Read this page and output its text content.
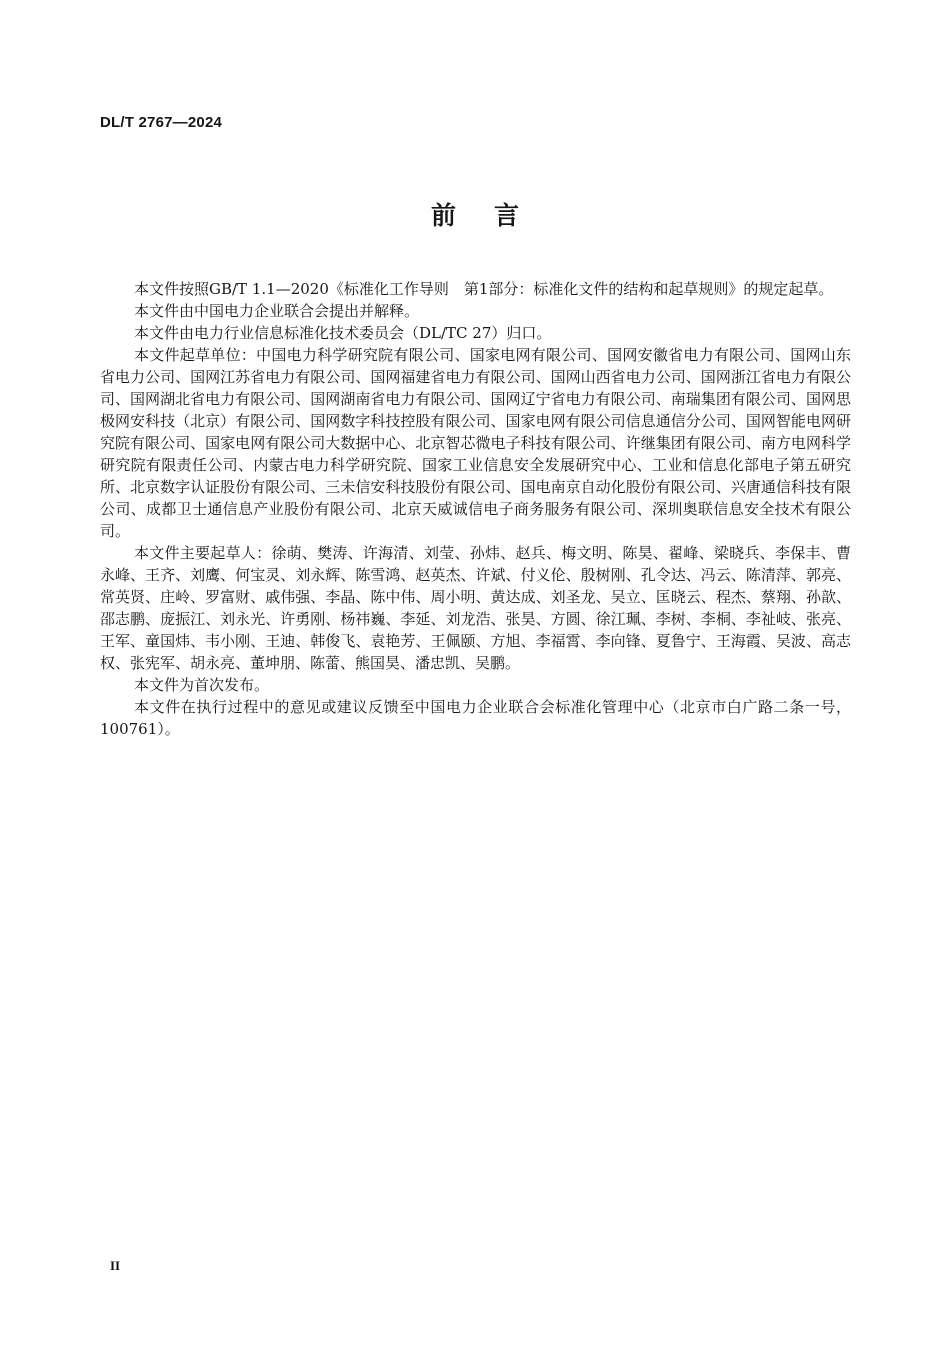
DL/T 2767—2024
前言

本文件按照GB/T 1.1—2020《标准化工作导则　第1部分：标准化文件的结构和起草规则》的规定起草。

本文件由中国电力企业联合会提出并解释。

本文件由电力行业信息标准化技术委员会（DL/TC 27）归口。

本文件起草单位：中国电力科学研究院有限公司、国家电网有限公司、国网安徽省电力有限公司、国网山东省电力公司、国网江苏省电力有限公司、国网福建省电力有限公司、国网山西省电力公司、国网浙江省电力有限公司、国网湖北省电力有限公司、国网湖南省电力有限公司、国网辽宁省电力有限公司、南瑞集团有限公司、国网思极网安科技（北京）有限公司、国网数字科技控股有限公司、国家电网有限公司信息通信分公司、国网智能电网研究院有限公司、国家电网有限公司大数据中心、北京智芯微电子科技有限公司、许继集团有限公司、南方电网科学研究院有限责任公司、内蒙古电力科学研究院、国家工业信息安全发展研究中心、工业和信息化部电子第五研究所、北京数字认证股份有限公司、三未信安科技股份有限公司、国电南京自动化股份有限公司、兴唐通信科技有限公司、成都卫士通信息产业股份有限公司、北京天威诚信电子商务服务有限公司、深圳奥联信息安全技术有限公司。

本文件主要起草人：徐萌、樊涛、许海清、刘莹、孙炜、赵兵、梅文明、陈昊、翟峰、梁晓兵、李保丰、曹永峰、王齐、刘鹰、何宝灵、刘永辉、陈雪鸿、赵英杰、许斌、付义伦、殷树刚、孔令达、冯云、陈清萍、郭亮、常英贤、庄岭、罗富财、戚伟强、李晶、陈中伟、周小明、黄达成、刘圣龙、吴立、匡晓云、程杰、蔡翔、孙歆、邵志鹏、庞振江、刘永光、许勇刚、杨祎巍、李延、刘龙浩、张昊、方圆、徐江珮、李树、李桐、李祉岐、张亮、王军、童国炜、韦小刚、王迪、韩俊飞、袁艳芳、王佩颐、方旭、李福霄、李向锋、夏鲁宁、王海霞、吴波、高志权、张宪军、胡永亮、董坤朋、陈蕾、熊国昊、潘忠凯、吴鹏。

本文件为首次发布。

本文件在执行过程中的意见或建议反馈至中国电力企业联合会标准化管理中心（北京市白广路二条一号，100761）。

II
